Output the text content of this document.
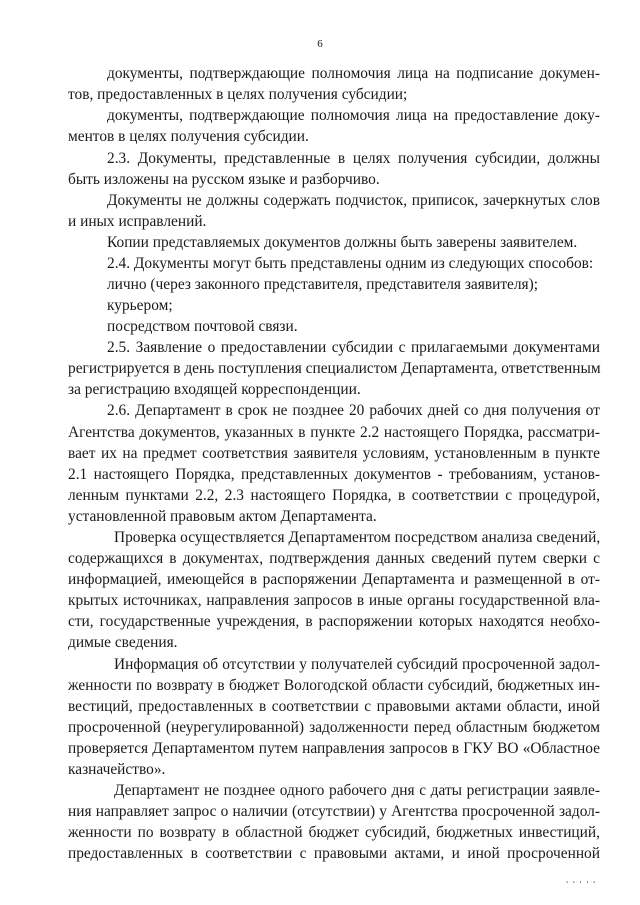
6
документы, подтверждающие полномочия лица на подписание докумен-
тов, предоставленных в целях получения субсидии;
документы, подтверждающие полномочия лица на предоставление доку-
ментов в целях получения субсидии.
2.3. Документы, представленные в целях получения субсидии, должны
быть изложены на русском языке и разборчиво.
Документы не должны содержать подчисток, приписок, зачеркнутых слов
и иных исправлений.
Копии представляемых документов должны быть заверены заявителем.
2.4. Документы могут быть представлены одним из следующих способов:
лично (через законного представителя, представителя заявителя);
курьером;
посредством почтовой связи.
2.5. Заявление о предоставлении субсидии с прилагаемыми документами
регистрируется в день поступления специалистом Департамента, ответственным
за регистрацию входящей корреспонденции.
2.6. Департамент в срок не позднее 20 рабочих дней со дня получения от
Агентства документов, указанных в пункте 2.2 настоящего Порядка, рассматри-
вает их на предмет соответствия заявителя условиям, установленным в пункте
2.1 настоящего Порядка, представленных документов - требованиям, установ-
ленным пунктами 2.2, 2.3 настоящего Порядка, в соответствии с процедурой,
установленной правовым актом Департамента.
Проверка осуществляется Департаментом посредством анализа сведений,
содержащихся в документах, подтверждения данных сведений путем сверки с
информацией, имеющейся в распоряжении Департамента и размещенной в от-
крытых источниках, направления запросов в иные органы государственной вла-
сти, государственные учреждения, в распоряжении которых находятся необхо-
димые сведения.
Информация об отсутствии у получателей субсидий просроченной задол-
женности по возврату в бюджет Вологодской области субсидий, бюджетных ин-
вестиций, предоставленных в соответствии с правовыми актами области, иной
просроченной (неурегулированной) задолженности перед областным бюджетом
проверяется Департаментом путем направления запросов в ГКУ ВО «Областное
казначейство».
Департамент не позднее одного рабочего дня с даты регистрации заявле-
ния направляет запрос о наличии (отсутствии) у Агентства просроченной задол-
женности по возврату в областной бюджет субсидий, бюджетных инвестиций,
предоставленных в соответствии с правовыми актами, и иной просроченной
' ' ' ' '
